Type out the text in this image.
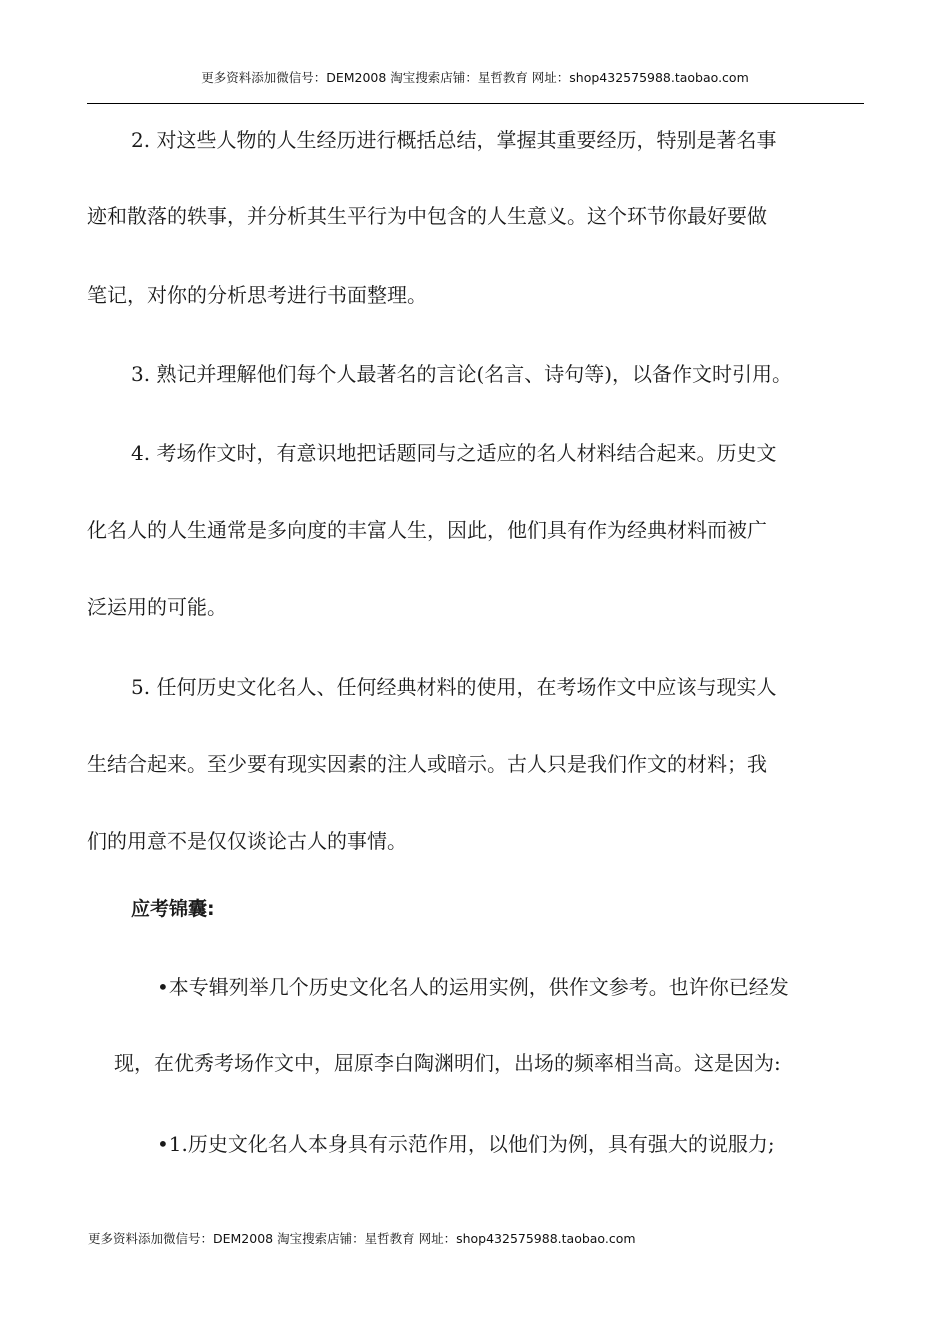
更多资料添加微信号：DEM2008 淘宝搜索店铺：星哲教育 网址：shop432575988.taobao.com
2. 对这些人物的人生经历进行概括总结，掌握其重要经历，特别是著名事
迹和散落的轶事，并分析其生平行为中包含的人生意义。这个环节你最好要做
笔记，对你的分析思考进行书面整理。
3. 熟记并理解他们每个人最著名的言论(名言、诗句等)，以备作文时引用。
4. 考场作文时，有意识地把话题同与之适应的名人材料结合起来。历史文
化名人的人生通常是多向度的丰富人生，因此，他们具有作为经典材料而被广
泛运用的可能。
5. 任何历史文化名人、任何经典材料的使用，在考场作文中应该与现实人
生结合起来。至少要有现实因素的注人或暗示。古人只是我们作文的材料；我
们的用意不是仅仅谈论古人的事情。
应考锦囊:
•本专辑列举几个历史文化名人的运用实例，供作文参考。也许你已经发
现，在优秀考场作文中，屈原李白陶渊明们，出场的频率相当高。这是因为:
•1.历史文化名人本身具有示范作用，以他们为例，具有强大的说服力;
更多资料添加微信号：DEM2008 淘宝搜索店铺：星哲教育 网址：shop432575988.taobao.com
